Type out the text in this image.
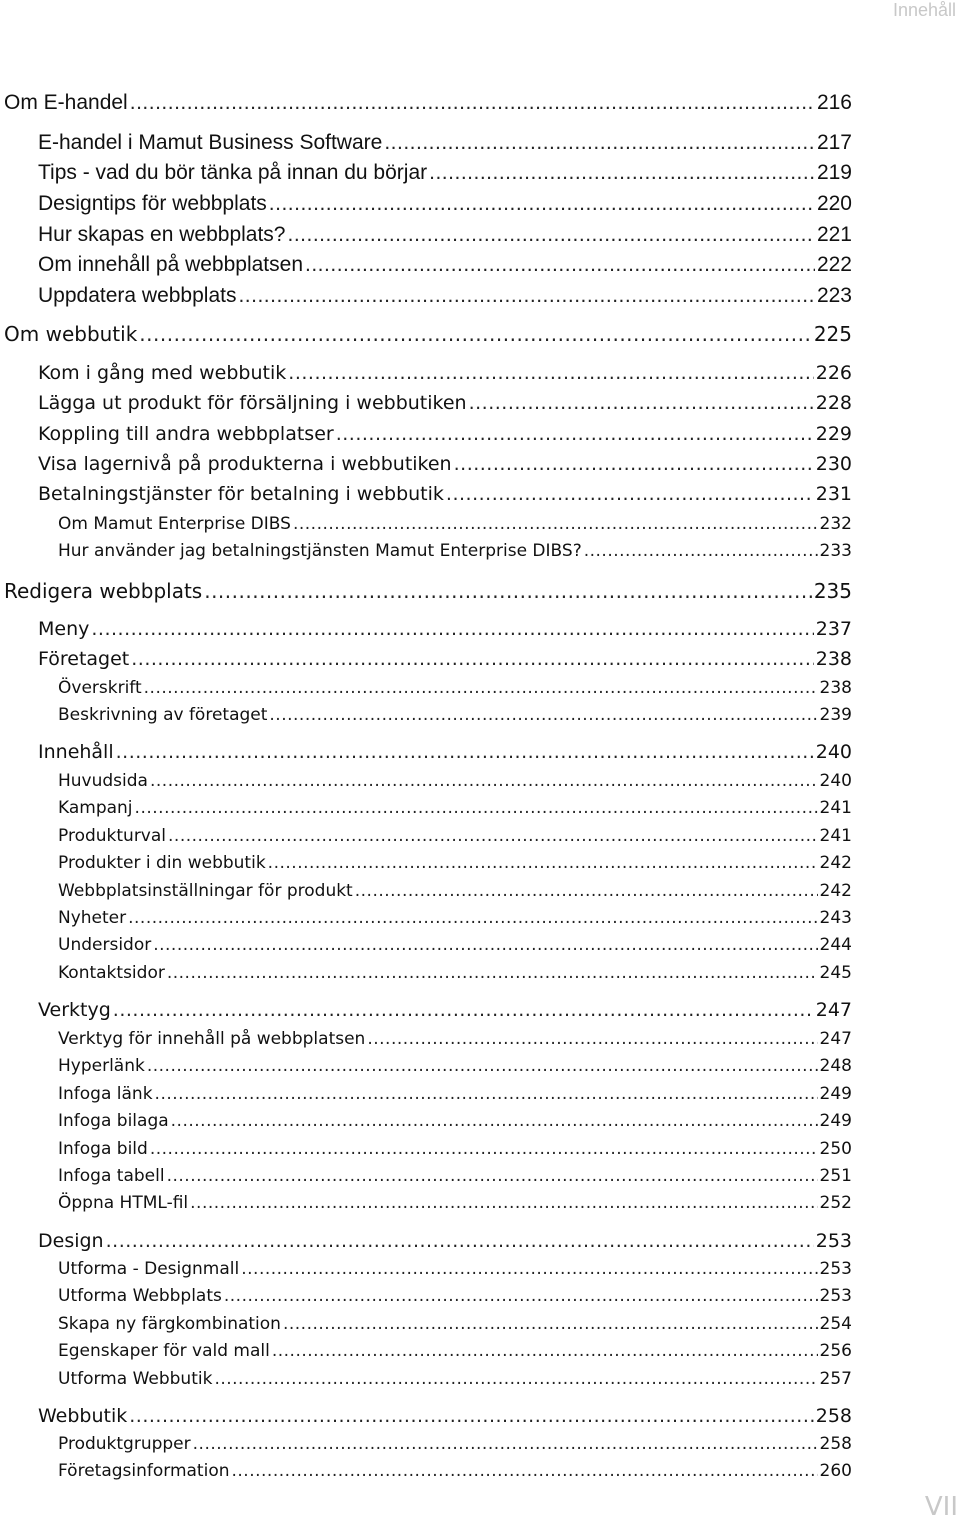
Innehåll
Om E-handel .....	216
E-handel i Mamut Business Software .....	217
Tips - vad du bör tänka på innan du börjar .....	219
Designtips för webbplats .....	220
Hur skapas en webbplats? .....	221
Om innehåll på webbplatsen .....	222
Uppdatera webbplats .....	223
Om webbutik .....	225
Kom i gång med webbutik .....	226
Lägga ut produkt för försäljning i webbutiken .....	228
Koppling till andra webbplatser .....	229
Visa lagernivå på produkterna i webbutiken .....	230
Betalningstjänster för betalning i webbutik .....	231
Om Mamut Enterprise DIBS .....	232
Hur använder jag betalningstjänsten Mamut Enterprise DIBS? .....	233
Redigera webbplats .....	235
Meny .....	237
Företaget .....	238
Överskrift .....	238
Beskrivning av företaget .....	239
Innehåll .....	240
Huvudsida .....	240
Kampanj .....	241
Produkturval .....	241
Produkter i din webbutik .....	242
Webbplatsinställningar för produkt .....	242
Nyheter .....	243
Undersidor .....	244
Kontaktsidor .....	245
Verktyg .....	247
Verktyg för innehåll på webbplatsen .....	247
Hyperlänk .....	248
Infoga länk .....	249
Infoga bilaga .....	249
Infoga bild .....	250
Infoga tabell .....	251
Öppna HTML-fil .....	252
Design .....	253
Utforma - Designmall .....	253
Utforma Webbplats .....	253
Skapa ny färgkombination .....	254
Egenskaper för vald mall .....	256
Utforma Webbutik .....	257
Webbutik .....	258
Produktgrupper .....	258
Företagsinformation .....	260
VII
